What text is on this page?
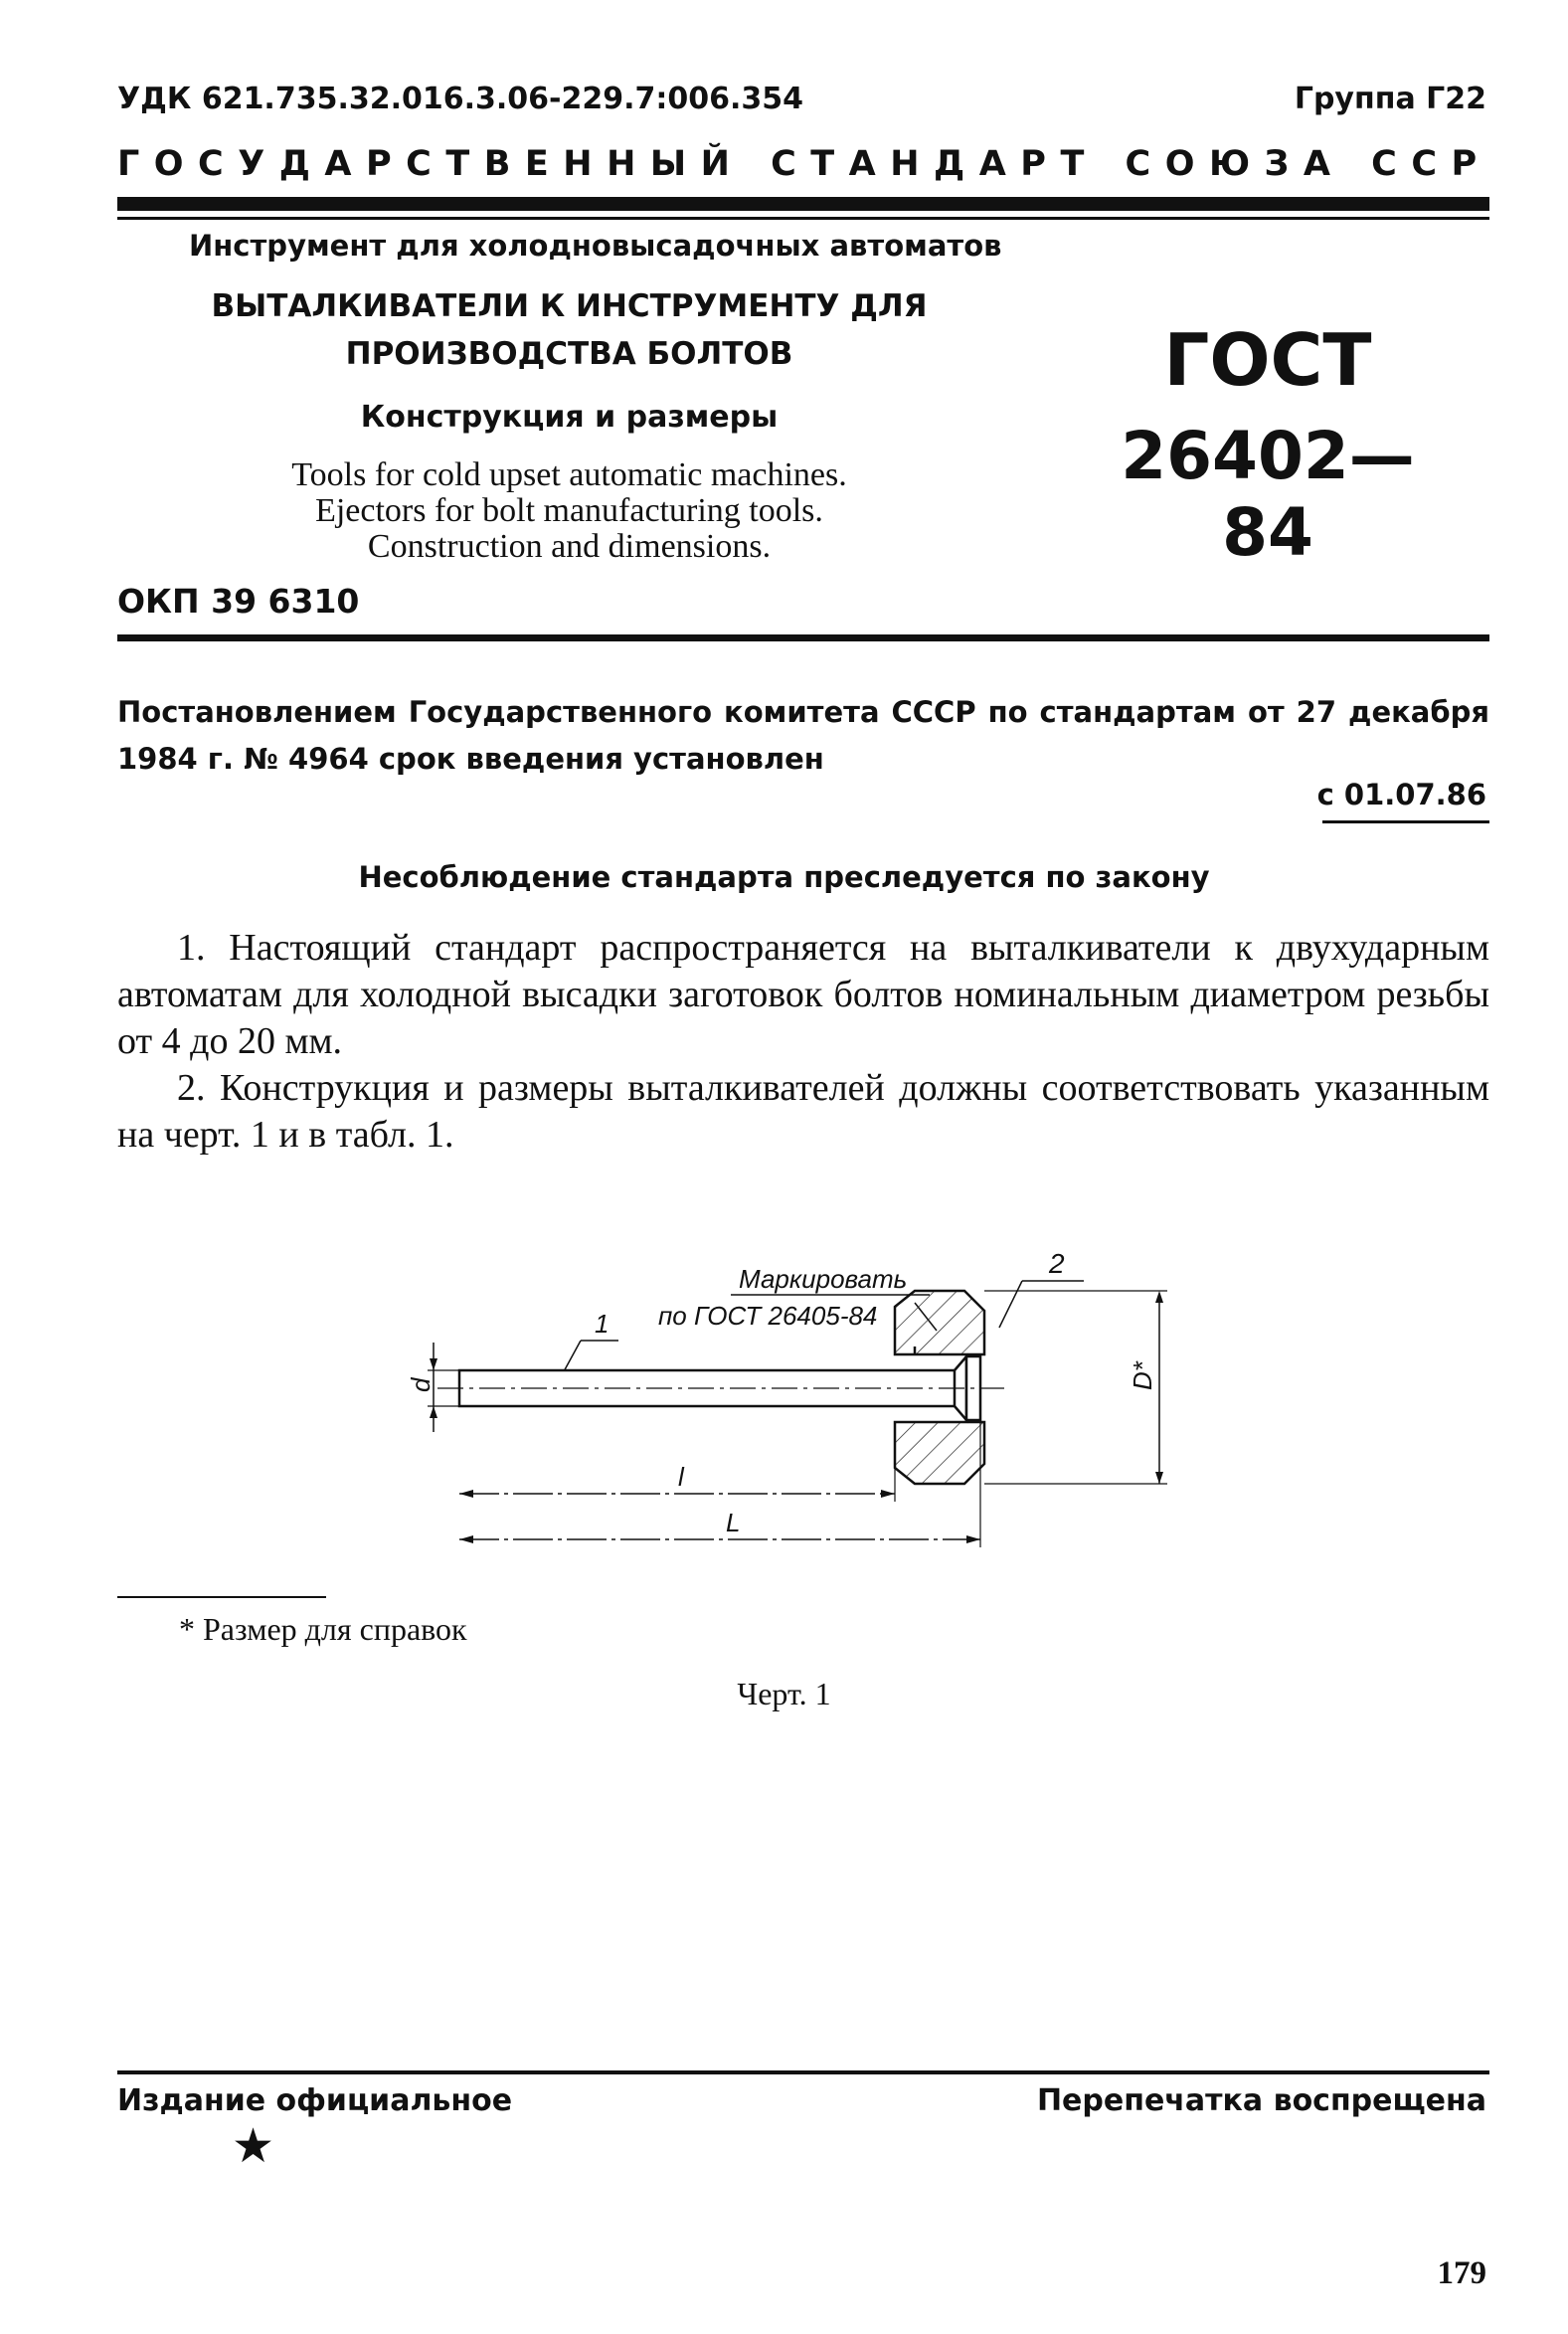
УДК 621.735.32.016.3.06-229.7:006.354	Группа Г22
ГОСУДАРСТВЕННЫЙ СТАНДАРТ СОЮЗА ССР
Инструмент для холодновысадочных автоматов
ВЫТАЛКИВАТЕЛИ К ИНСТРУМЕНТУ ДЛЯ
ПРОИЗВОДСТВА БОЛТОВ
Конструкция и размеры
Tools for cold upset automatic machines.
Ejectors for bolt manufacturing tools.
Construction and dimensions.
ГОСТ
26402—84
ОКП 39 6310
Постановлением Государственного комитета СССР по стандартам от 27 декабря 1984 г. № 4964 срок введения установлен
с 01.07.86
Несоблюдение стандарта преследуется по закону

1. Настоящий стандарт распространяется на выталкиватели к двухударным автоматам для холодной высадки заготовок болтов номинальным диаметром резьбы от 4 до 20 мм.

2. Конструкция и размеры выталкивателей должны соответствовать указанным на черт. 1 и в табл. 1.

Маркировать
по ГОСТ 26405-84
1
2
d	D*
l
L
* Размер для справок
Черт. 1
Издание официальное	Перепечатка воспрещена
★
179
